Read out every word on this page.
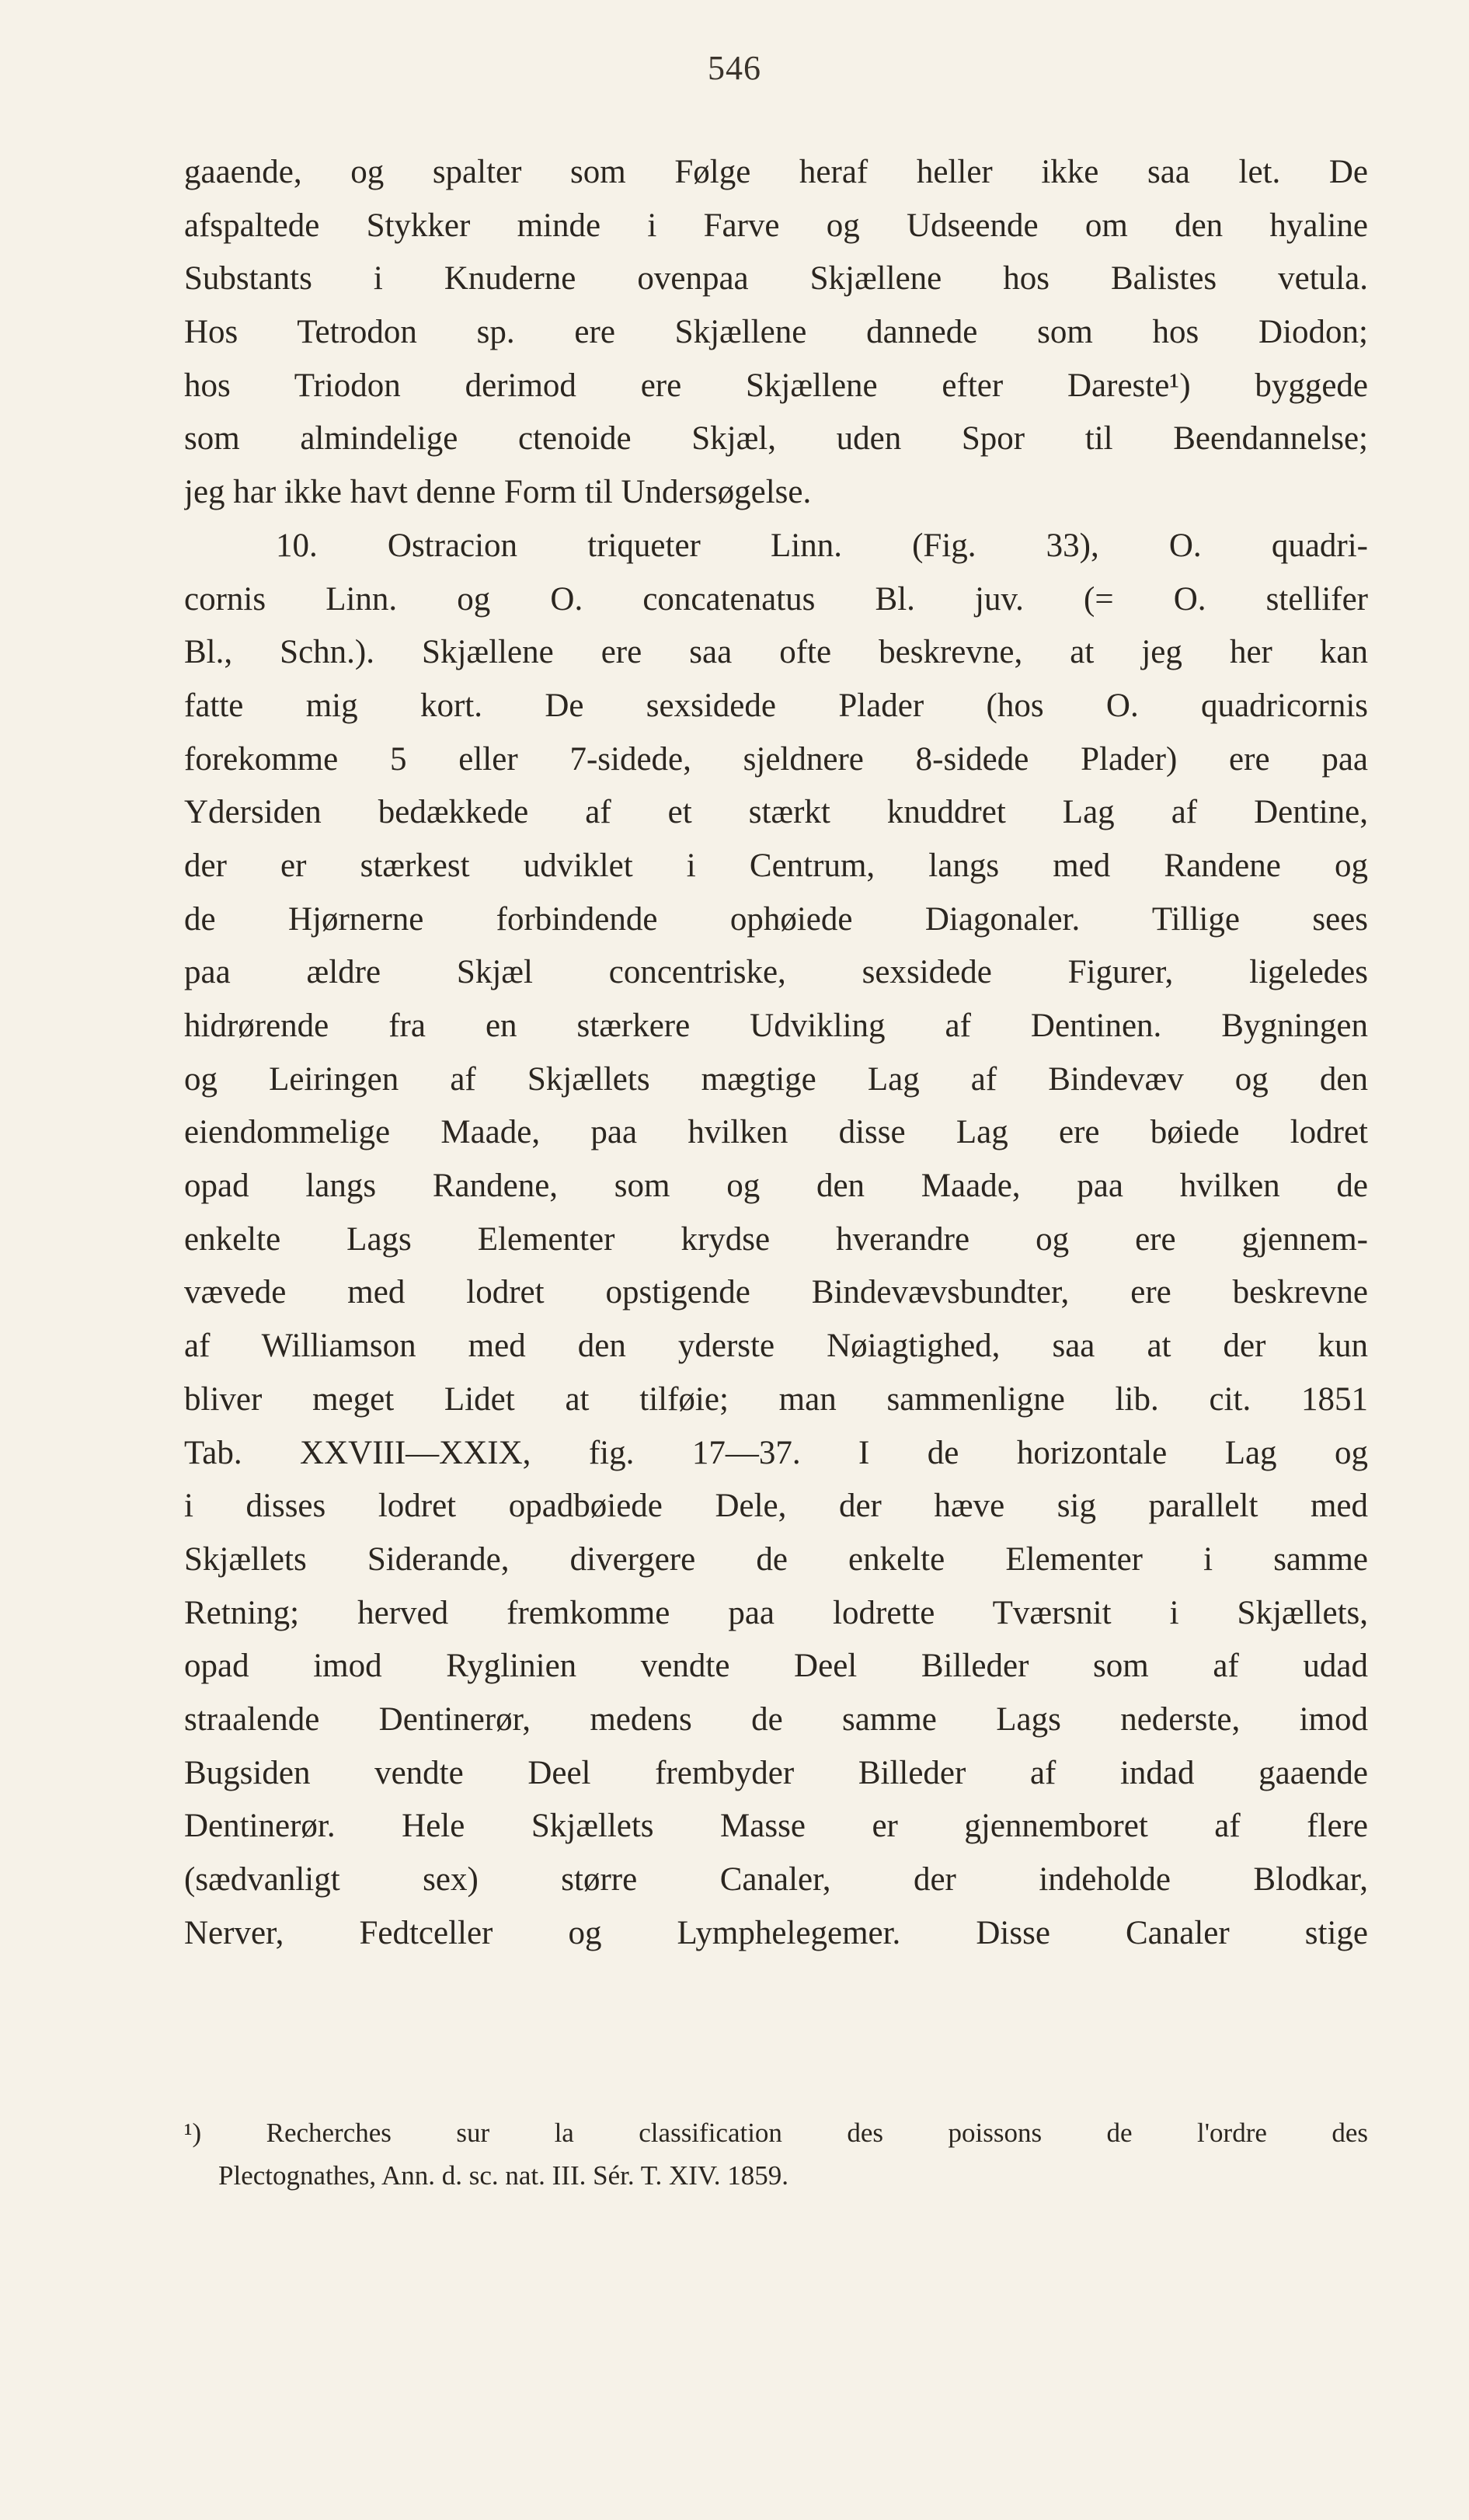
546
gaaende, og spalter som Følge heraf heller ikke saa let. De
afspaltede Stykker minde i Farve og Udseende om den hyaline
Substants i Knuderne ovenpaa Skjællene hos Balistes vetula.
Hos Tetrodon sp. ere Skjællene dannede som hos Diodon;
hos Triodon derimod ere Skjællene efter Dareste¹) byggede
som almindelige ctenoide Skjæl, uden Spor til Beendannelse;
jeg har ikke havt denne Form til Undersøgelse.
10. Ostracion triqueter Linn. (Fig. 33), O. quadri-
cornis Linn. og O. concatenatus Bl. juv. (= O. stellifer
Bl., Schn.). Skjællene ere saa ofte beskrevne, at jeg her kan
fatte mig kort. De sexsidede Plader (hos O. quadricornis
forekomme 5 eller 7-sidede, sjeldnere 8-sidede Plader) ere paa
Ydersiden bedækkede af et stærkt knuddret Lag af Dentine,
der er stærkest udviklet i Centrum, langs med Randene og
de Hjørnerne forbindende ophøiede Diagonaler. Tillige sees
paa ældre Skjæl concentriske, sexsidede Figurer, ligeledes
hidrørende fra en stærkere Udvikling af Dentinen. Bygningen
og Leiringen af Skjællets mægtige Lag af Bindevæv og den
eiendommelige Maade, paa hvilken disse Lag ere bøiede lodret
opad langs Randene, som og den Maade, paa hvilken de
enkelte Lags Elementer krydse hverandre og ere gjennem-
vævede med lodret opstigende Bindevævsbundter, ere beskrevne
af Williamson med den yderste Nøiagtighed, saa at der kun
bliver meget Lidet at tilføie; man sammenligne lib. cit. 1851
Tab. XXVIII—XXIX, fig. 17—37. I de horizontale Lag og
i disses lodret opadbøiede Dele, der hæve sig parallelt med
Skjællets Siderande, divergere de enkelte Elementer i samme
Retning; herved fremkomme paa lodrette Tværsnit i Skjællets,
opad imod Ryglinien vendte Deel Billeder som af udad
straalende Dentinerør, medens de samme Lags nederste, imod
Bugsiden vendte Deel frembyder Billeder af indad gaaende
Dentinerør. Hele Skjællets Masse er gjennemboret af flere
(sædvanligt sex) større Canaler, der indeholde Blodkar,
Nerver, Fedtceller og Lymphelegemer. Disse Canaler stige
¹) Recherches sur la classification des poissons de l'ordre des
Plectognathes, Ann. d. sc. nat. III. Sér. T. XIV. 1859.
